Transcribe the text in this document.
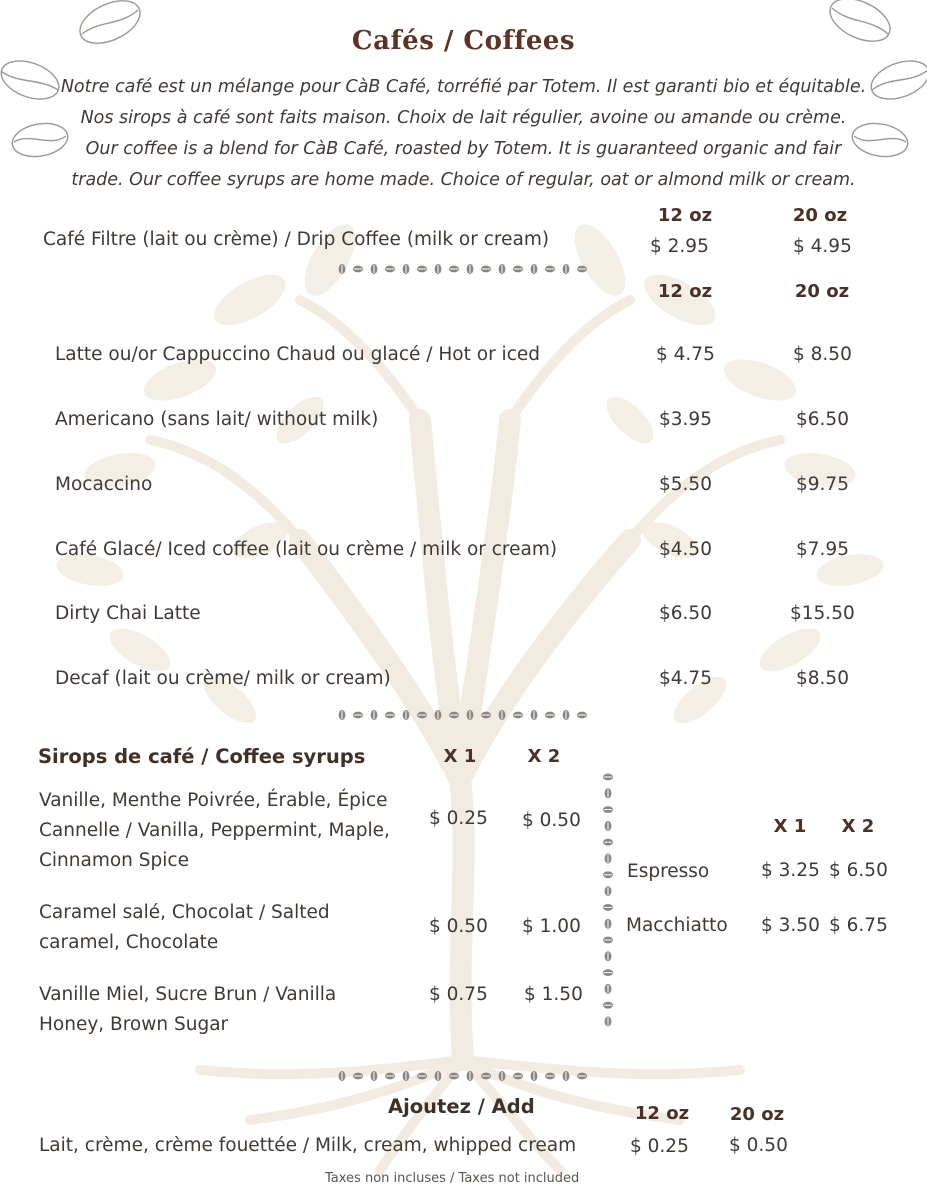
Cafés / Coffees
Notre café est un mélange pour CàB Café, torréfié par Totem. Il est garanti bio et équitable.
Nos sirops à café sont faits maison. Choix de lait régulier, avoine ou amande ou crème.
Our coffee is a blend for CàB Café, roasted by Totem. It is guaranteed organic and fair
trade. Our coffee syrups are home made. Choice of regular, oat or almond milk or cream.
12 oz	20 oz
Café Filtre (lait ou crème) / Drip Coffee (milk or cream)	$ 2.95	$ 4.95
12 oz	20 oz
Latte ou/or Cappuccino Chaud ou glacé / Hot or iced	$ 4.75	$ 8.50
Americano (sans lait/ without milk)	$3.95	$6.50
Mocaccino	$5.50	$9.75
Café Glacé/ Iced coffee (lait ou crème / milk or cream)	$4.50	$7.95
Dirty Chai Latte	$6.50	$15.50
Decaf (lait ou crème/ milk or cream)	$4.75	$8.50
Sirops de café / Coffee syrups	X 1	X 2
Vanille, Menthe Poivrée, Érable, Épice
Cannelle / Vanilla, Peppermint, Maple,
Cinnamon Spice
$ 0.25 $ 0.50
Caramel salé, Chocolat / Salted
caramel, Chocolate
$ 0.50 $ 1.00
Vanille Miel, Sucre Brun / Vanilla
Honey, Brown Sugar
$ 0.75 $ 1.50
X 1	X 2
Espresso	$ 3.25 $ 6.50
Macchiatto $ 3.50 $ 6.75
Ajoutez / Add	12 oz	20 oz
Lait, crème, crème fouettée / Milk, cream, whipped cream	$ 0.25 $ 0.50
Taxes non incluses / Taxes not included
